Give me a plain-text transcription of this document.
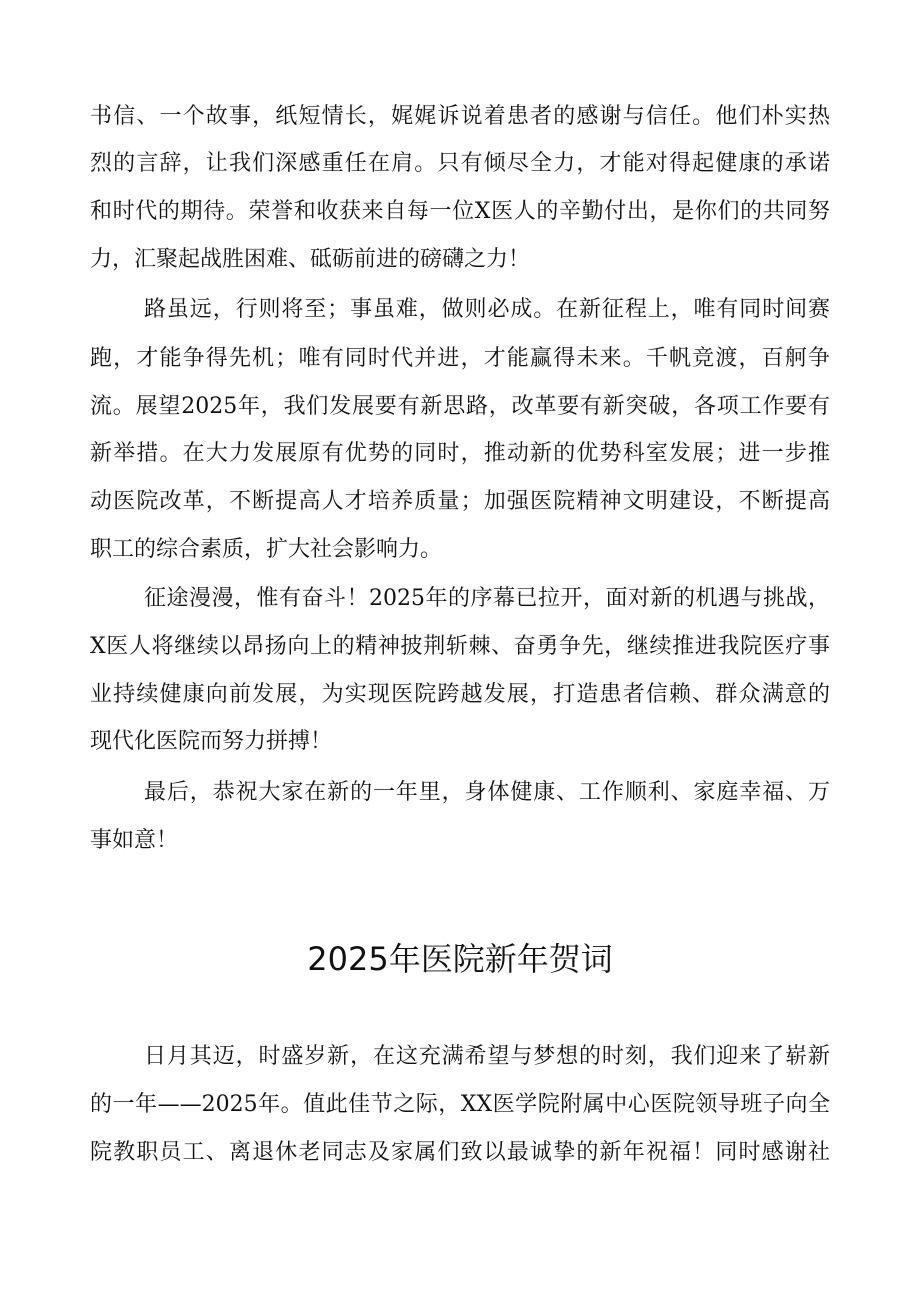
书信、一个故事，纸短情长，娓娓诉说着患者的感谢与信任。他们朴实热
烈的言辞，让我们深感重任在肩。只有倾尽全力，才能对得起健康的承诺
和时代的期待。荣誉和收获来自每一位X医人的辛勤付出，是你们的共同努
力，汇聚起战胜困难、砥砺前进的磅礴之力！
路虽远，行则将至；事虽难，做则必成。在新征程上，唯有同时间赛
跑，才能争得先机；唯有同时代并进，才能赢得未来。千帆竞渡，百舸争
流。展望2025年，我们发展要有新思路，改革要有新突破，各项工作要有
新举措。在大力发展原有优势的同时，推动新的优势科室发展；进一步推
动医院改革，不断提高人才培养质量；加强医院精神文明建设，不断提高
职工的综合素质，扩大社会影响力。
征途漫漫，惟有奋斗！2025年的序幕已拉开，面对新的机遇与挑战，
X医人将继续以昂扬向上的精神披荆斩棘、奋勇争先，继续推进我院医疗事
业持续健康向前发展，为实现医院跨越发展，打造患者信赖、群众满意的
现代化医院而努力拼搏！
最后，恭祝大家在新的一年里，身体健康、工作顺利、家庭幸福、万
事如意！
2025年医院新年贺词
日月其迈，时盛岁新，在这充满希望与梦想的时刻，我们迎来了崭新
的一年——2025年。值此佳节之际，XX医学院附属中心医院领导班子向全
院教职员工、离退休老同志及家属们致以最诚挚的新年祝福！同时感谢社
